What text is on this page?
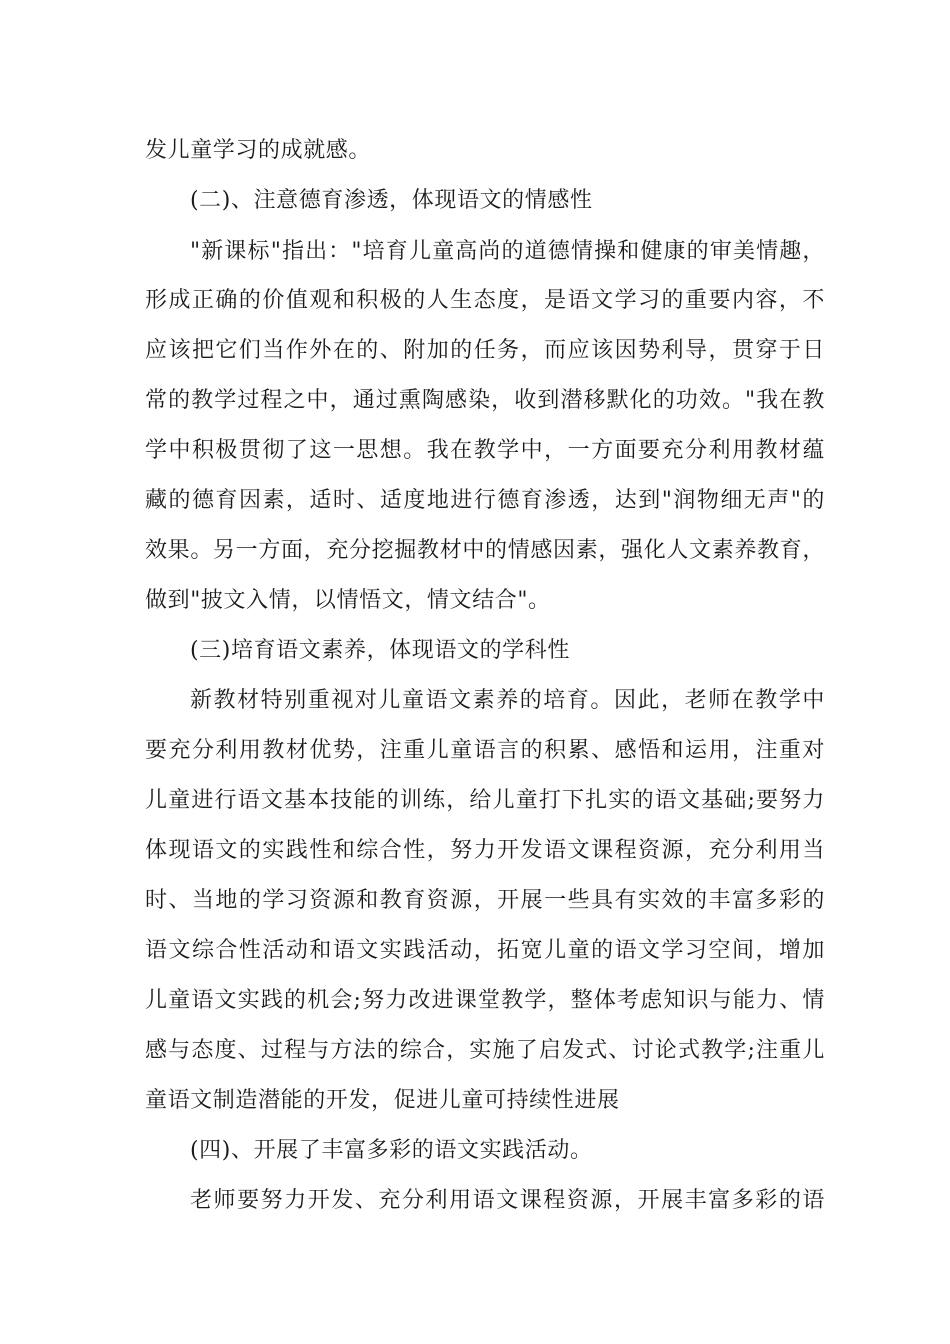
发儿童学习的成就感。
(二)、注意德育渗透，体现语文的情感性
"新课标"指出："培育儿童高尚的道德情操和健康的审美情趣，
形成正确的价值观和积极的人生态度，是语文学习的重要内容，不
应该把它们当作外在的、附加的任务，而应该因势利导，贯穿于日
常的教学过程之中，通过熏陶感染，收到潜移默化的功效。"我在教
学中积极贯彻了这一思想。我在教学中，一方面要充分利用教材蕴
藏的德育因素，适时、适度地进行德育渗透，达到"润物细无声"的
效果。另一方面，充分挖掘教材中的情感因素，强化人文素养教育，
做到"披文入情，以情悟文，情文结合"。
(三)培育语文素养，体现语文的学科性
新教材特别重视对儿童语文素养的培育。因此，老师在教学中
要充分利用教材优势，注重儿童语言的积累、感悟和运用，注重对
儿童进行语文基本技能的训练，给儿童打下扎实的语文基础;要努力
体现语文的实践性和综合性，努力开发语文课程资源，充分利用当
时、当地的学习资源和教育资源，开展一些具有实效的丰富多彩的
语文综合性活动和语文实践活动，拓宽儿童的语文学习空间，增加
儿童语文实践的机会;努力改进课堂教学，整体考虑知识与能力、情
感与态度、过程与方法的综合，实施了启发式、讨论式教学;注重儿
童语文制造潜能的开发，促进儿童可持续性进展
(四)、开展了丰富多彩的语文实践活动。
老师要努力开发、充分利用语文课程资源，开展丰富多彩的语
